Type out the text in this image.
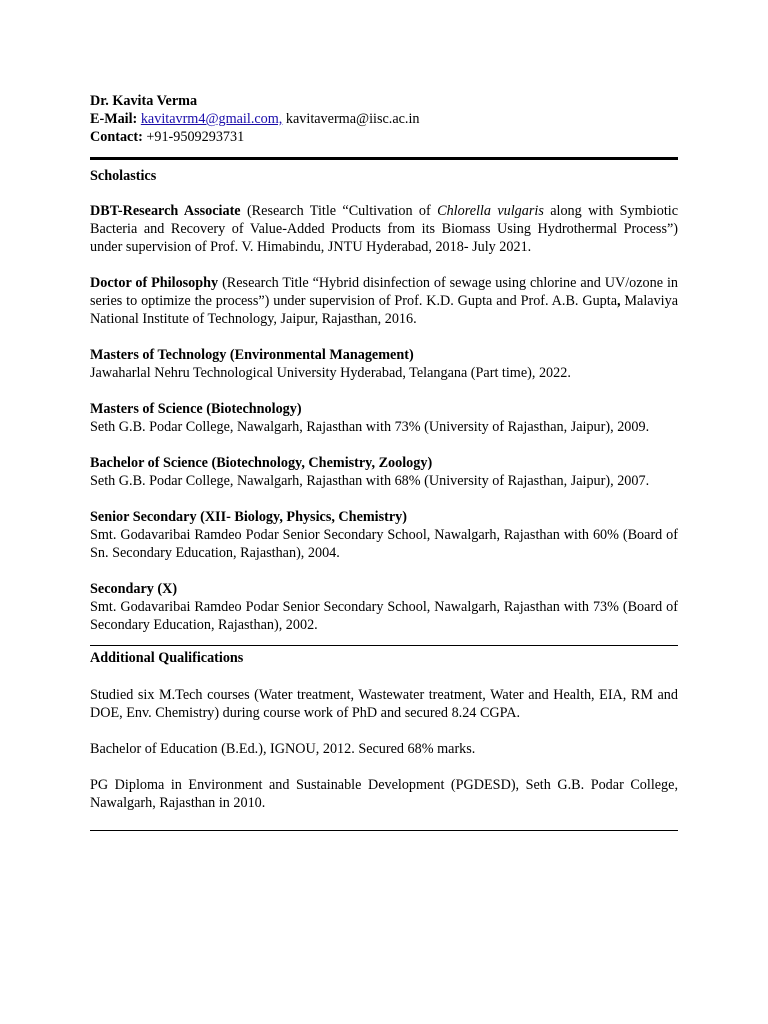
Dr. Kavita Verma
E-Mail: kavitavrm4@gmail.com, kavitaverma@iisc.ac.in
Contact: +91-9509293731

Scholastics

DBT-Research Associate (Research Title “Cultivation of Chlorella vulgaris along with Symbiotic Bacteria and Recovery of Value-Added Products from its Biomass Using Hydrothermal Process”) under supervision of Prof. V. Himabindu, JNTU Hyderabad, 2018- July 2021.

Doctor of Philosophy (Research Title “Hybrid disinfection of sewage using chlorine and UV/ozone in series to optimize the process”) under supervision of Prof. K.D. Gupta and Prof. A.B. Gupta, Malaviya National Institute of Technology, Jaipur, Rajasthan, 2016.

Masters of Technology (Environmental Management)
Jawaharlal Nehru Technological University Hyderabad, Telangana (Part time), 2022.

Masters of Science (Biotechnology)
Seth G.B. Podar College, Nawalgarh, Rajasthan with 73% (University of Rajasthan, Jaipur), 2009.

Bachelor of Science (Biotechnology, Chemistry, Zoology)
Seth G.B. Podar College, Nawalgarh, Rajasthan with 68% (University of Rajasthan, Jaipur), 2007.

Senior Secondary (XII- Biology, Physics, Chemistry)
Smt. Godavaribai Ramdeo Podar Senior Secondary School, Nawalgarh, Rajasthan with 60% (Board of Sn. Secondary Education, Rajasthan), 2004.

Secondary (X)
Smt. Godavaribai Ramdeo Podar Senior Secondary School, Nawalgarh, Rajasthan with 73% (Board of Secondary Education, Rajasthan), 2002.

Additional Qualifications

Studied six M.Tech courses (Water treatment, Wastewater treatment, Water and Health, EIA, RM and DOE, Env. Chemistry) during course work of PhD and secured 8.24 CGPA.

Bachelor of Education (B.Ed.), IGNOU, 2012. Secured 68% marks.

PG Diploma in Environment and Sustainable Development (PGDESD), Seth G.B. Podar College, Nawalgarh, Rajasthan in 2010.
